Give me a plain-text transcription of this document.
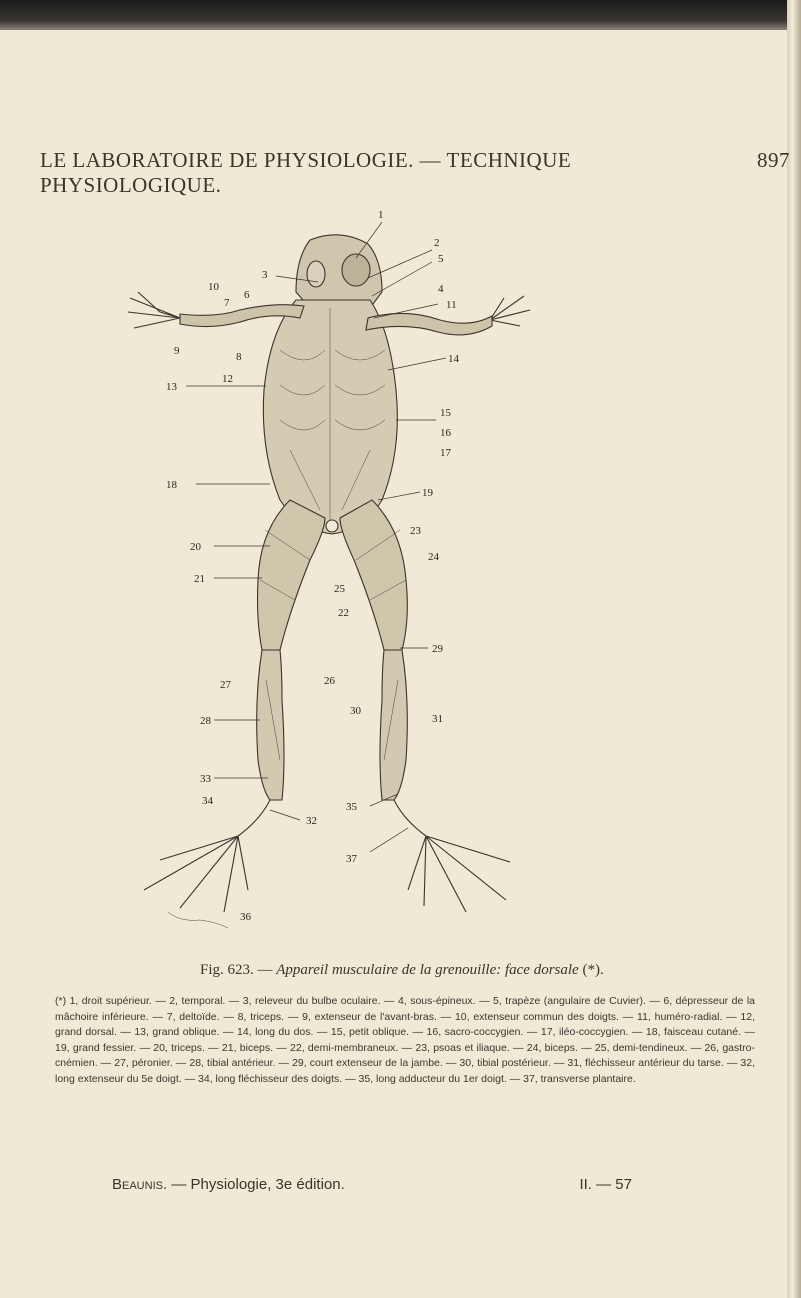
LE LABORATOIRE DE PHYSIOLOGIE. — TECHNIQUE PHYSIOLOGIQUE.
897
1
2
3
4
5
6
7
8
9
10
11
12
13
14
15
16
17
18
19
20
21
22
23
24
25
26
27
28
29
30
31
32
33
34	35
36
37
Fig. 623. — Appareil musculaire de la grenouille: face dorsale (*).
(*) 1, droit supérieur. — 2, temporal. — 3, releveur du bulbe oculaire. — 4, sous-épineux. — 5, trapèze (angulaire de Cuvier). — 6, dépresseur de la mâchoire inférieure. — 7, deltoïde. — 8, triceps. — 9, extenseur de l'avant-bras. — 10, extenseur commun des doigts. — 11, huméro-radial. — 12, grand dorsal. — 13, grand oblique. — 14, long du dos. — 15, petit oblique. — 16, sacro-coccygien. — 17, iléo-coccygien. — 18, faisceau cutané. — 19, grand fessier. — 20, triceps. — 21, biceps. — 22, demi-membraneux. — 23, psoas et iliaque. — 24, biceps. — 25, demi-tendineux. — 26, gastro-cnémien. — 27, péronier. — 28, tibial antérieur. — 29, court extenseur de la jambe. — 30, tibial postérieur. — 31, fléchisseur antérieur du tarse. — 32, long extenseur du 5e doigt. — 34, long fléchisseur des doigts. — 35, long adducteur du 1er doigt. — 37, transverse plantaire.
Beaunis. — Physiologie, 3e édition.	II. — 57
